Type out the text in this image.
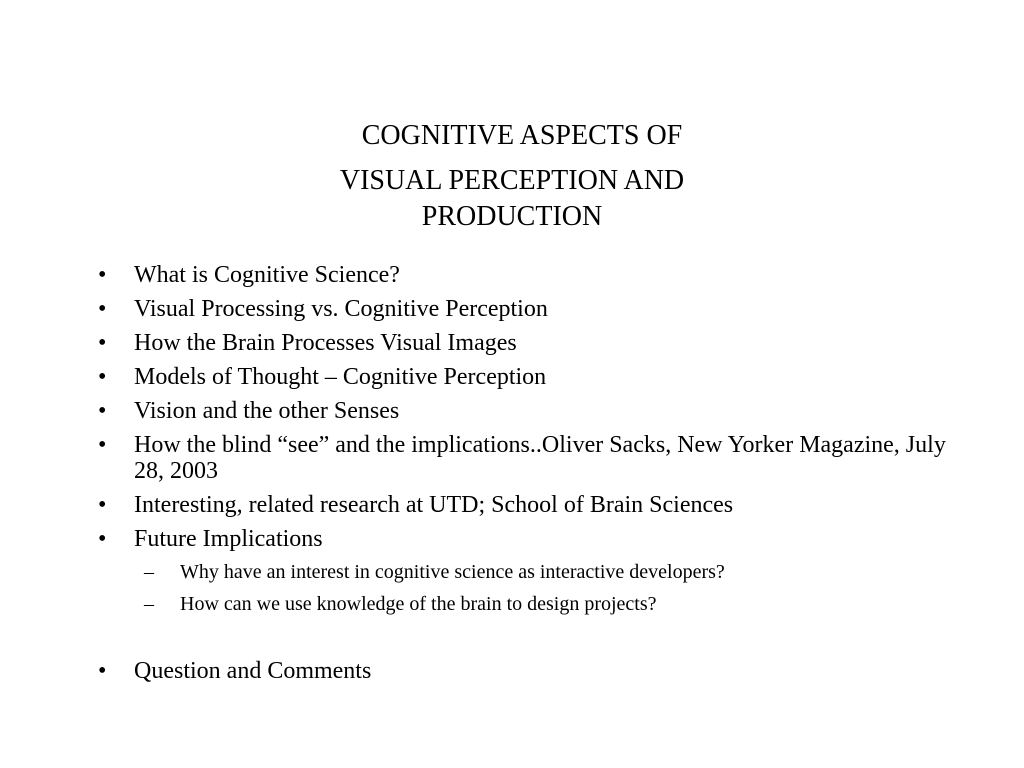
COGNITIVE ASPECTS OF
VISUAL PERCEPTION AND
PRODUCTION
• What is Cognitive Science?
• Visual Processing vs. Cognitive Perception
• How the Brain Processes Visual Images
• Models of Thought – Cognitive Perception
• Vision and the other Senses
• How the blind “see” and the implications..Oliver Sacks, New Yorker Magazine, July 28, 2003
• Interesting, related research at UTD; School of Brain Sciences
• Future Implications
– Why have an interest in cognitive science as interactive developers?
– How can we use knowledge of the brain to design projects?
• Question and Comments
